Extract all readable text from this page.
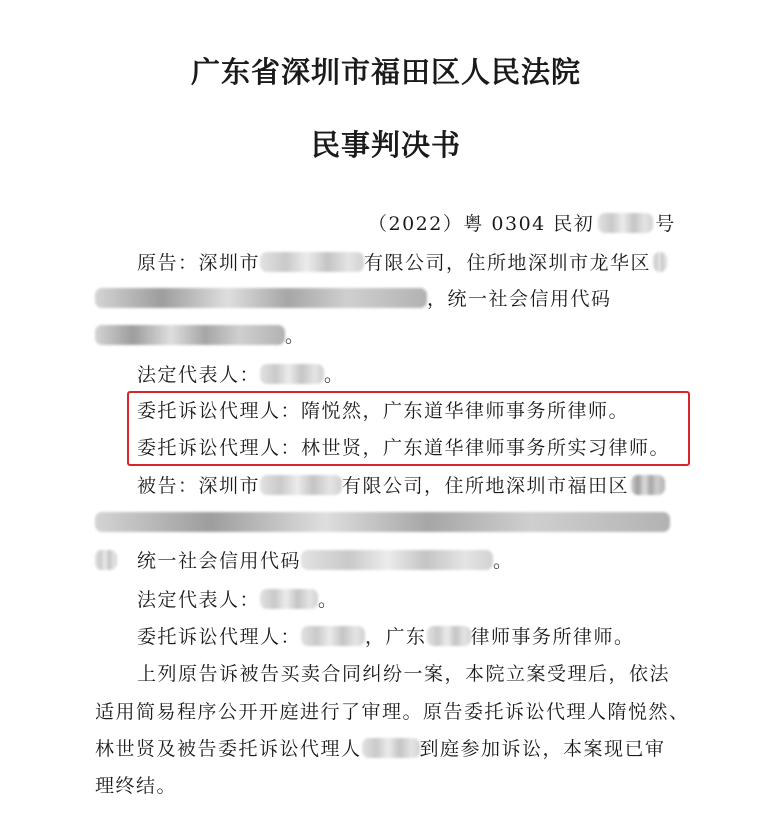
广东省深圳市福田区人民法院
民事判决书
（2022）粤 0304 民初	号
原告：深圳市	有限公司，住所地深圳市龙华区
，统一社会信用代码
。
法定代表人：	。
委托诉讼代理人：隋悦然，广东道华律师事务所律师。
委托诉讼代理人：林世贤，广东道华律师事务所实习律师。
被告：深圳市	有限公司，住所地深圳市福田区
统一社会信用代码	。
法定代表人：	。
委托诉讼代理人：	，广东 律师事务所律师。
上列原告诉被告买卖合同纠纷一案，本院立案受理后，依法
适用简易程序公开开庭进行了审理。原告委托诉讼代理人隋悦然、
林世贤及被告委托诉讼代理人	到庭参加诉讼，本案现已审
理终结。
